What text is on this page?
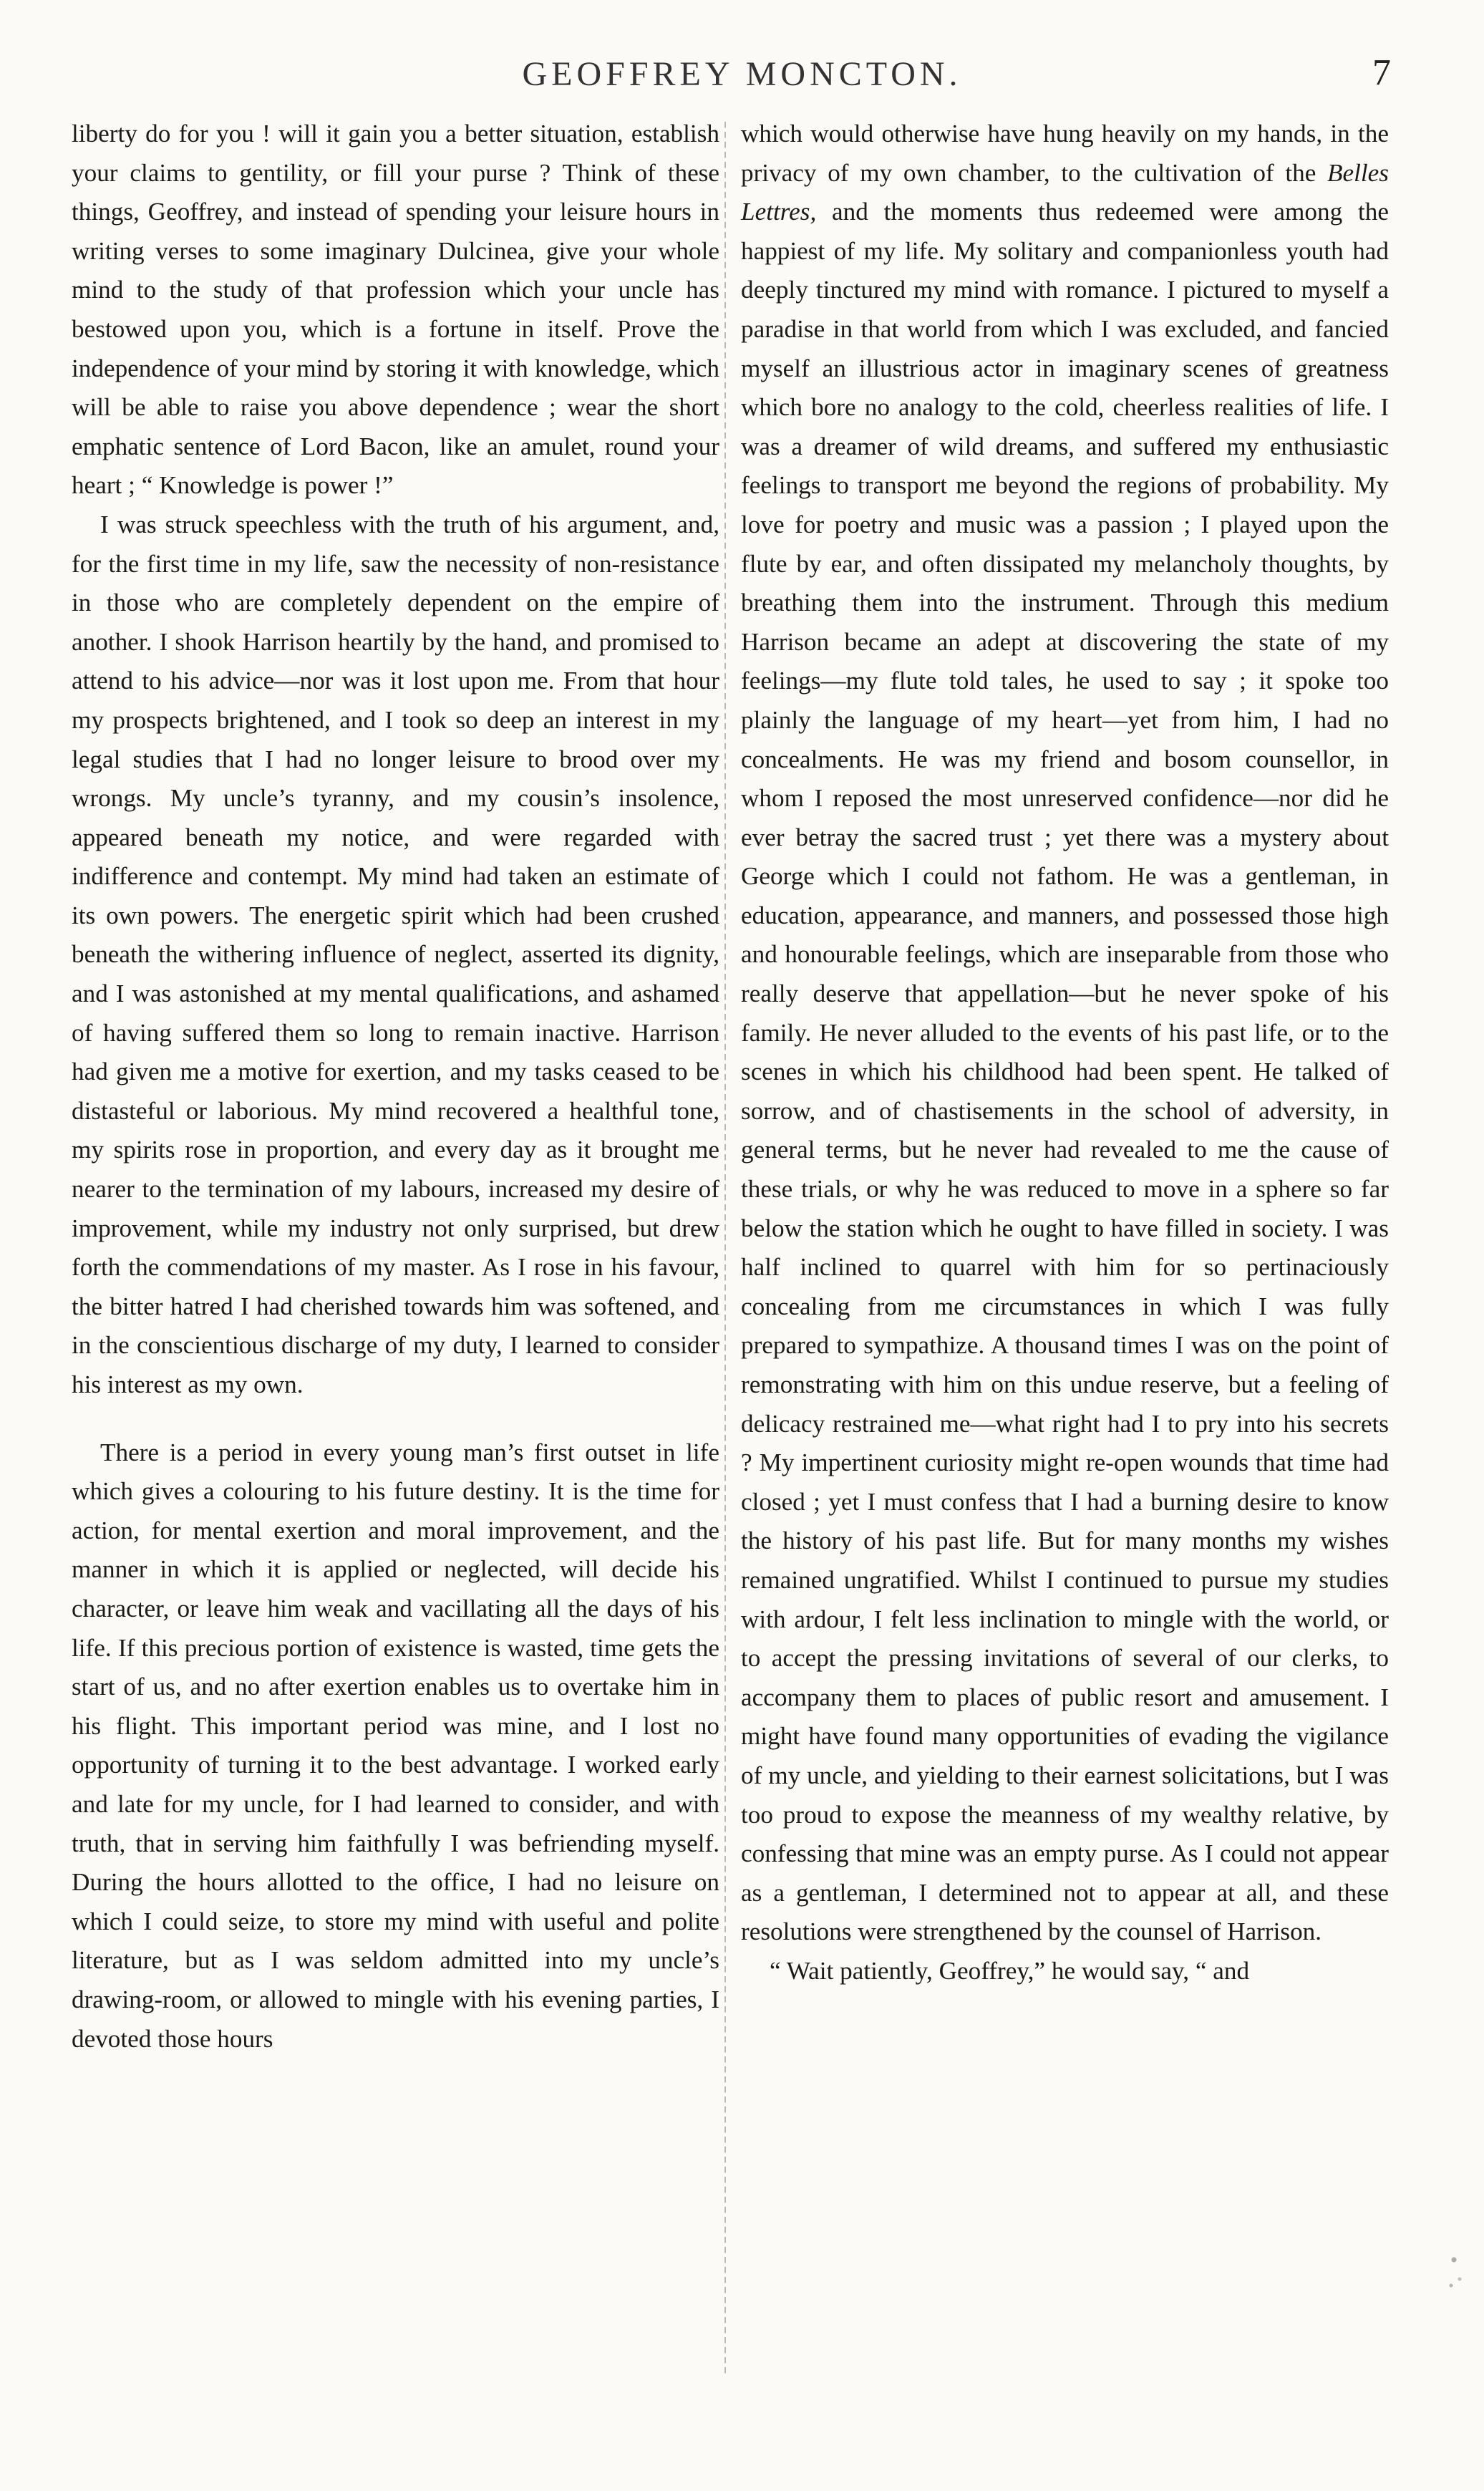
GEOFFREY MONCTON.	7

liberty do for you ! will it gain you a better situation, establish your claims to gentility, or fill your purse ? Think of these things, Geoffrey, and instead of spending your leisure hours in writing verses to some imaginary Dulcinea, give your whole mind to the study of that profession which your uncle has bestowed upon you, which is a fortune in itself. Prove the independence of your mind by storing it with knowledge, which will be able to raise you above dependence ; wear the short emphatic sentence of Lord Bacon, like an amulet, round your heart ; “ Knowledge is power !”

I was struck speechless with the truth of his argument, and, for the first time in my life, saw the necessity of non-resistance in those who are completely dependent on the empire of another. I shook Harrison heartily by the hand, and promised to attend to his advice—nor was it lost upon me. From that hour my prospects brightened, and I took so deep an interest in my legal studies that I had no longer leisure to brood over my wrongs. My uncle’s tyranny, and my cousin’s insolence, appeared beneath my notice, and were regarded with indifference and contempt. My mind had taken an estimate of its own powers. The energetic spirit which had been crushed beneath the withering influence of neglect, asserted its dignity, and I was astonished at my mental qualifications, and ashamed of having suffered them so long to remain inactive. Harrison had given me a motive for exertion, and my tasks ceased to be distasteful or laborious. My mind recovered a healthful tone, my spirits rose in proportion, and every day as it brought me nearer to the termination of my labours, increased my desire of improvement, while my industry not only surprised, but drew forth the commendations of my master. As I rose in his favour, the bitter hatred I had cherished towards him was softened, and in the conscientious discharge of my duty, I learned to consider his interest as my own.

There is a period in every young man’s first outset in life which gives a colouring to his future destiny. It is the time for action, for mental exertion and moral improvement, and the manner in which it is applied or neglected, will decide his character, or leave him weak and vacillating all the days of his life. If this precious portion of existence is wasted, time gets the start of us, and no after exertion enables us to overtake him in his flight. This important period was mine, and I lost no opportunity of turning it to the best advantage. I worked early and late for my uncle, for I had learned to consider, and with truth, that in serving him faithfully I was befriending myself. During the hours allotted to the office, I had no leisure on which I could seize, to store my mind with useful and polite literature, but as I was seldom admitted into my uncle’s drawing-room, or allowed to mingle with his evening parties, I devoted those hours

which would otherwise have hung heavily on my hands, in the privacy of my own chamber, to the cultivation of the Belles Lettres, and the moments thus redeemed were among the happiest of my life. My solitary and companionless youth had deeply tinctured my mind with romance. I pictured to myself a paradise in that world from which I was excluded, and fancied myself an illustrious actor in imaginary scenes of greatness which bore no analogy to the cold, cheerless realities of life. I was a dreamer of wild dreams, and suffered my enthusiastic feelings to transport me beyond the regions of probability. My love for poetry and music was a passion ; I played upon the flute by ear, and often dissipated my melancholy thoughts, by breathing them into the instrument. Through this medium Harrison became an adept at discovering the state of my feelings—my flute told tales, he used to say ; it spoke too plainly the language of my heart—yet from him, I had no concealments. He was my friend and bosom counsellor, in whom I reposed the most unreserved confidence—nor did he ever betray the sacred trust ; yet there was a mystery about George which I could not fathom. He was a gentleman, in education, appearance, and manners, and possessed those high and honourable feelings, which are inseparable from those who really deserve that appellation—but he never spoke of his family. He never alluded to the events of his past life, or to the scenes in which his childhood had been spent. He talked of sorrow, and of chastisements in the school of adversity, in general terms, but he never had revealed to me the cause of these trials, or why he was reduced to move in a sphere so far below the station which he ought to have filled in society. I was half inclined to quarrel with him for so pertinaciously concealing from me circumstances in which I was fully prepared to sympathize. A thousand times I was on the point of remonstrating with him on this undue reserve, but a feeling of delicacy restrained me—what right had I to pry into his secrets ? My impertinent curiosity might re-open wounds that time had closed ; yet I must confess that I had a burning desire to know the history of his past life. But for many months my wishes remained ungratified. Whilst I continued to pursue my studies with ardour, I felt less inclination to mingle with the world, or to accept the pressing invitations of several of our clerks, to accompany them to places of public resort and amusement. I might have found many opportunities of evading the vigilance of my uncle, and yielding to their earnest solicitations, but I was too proud to expose the meanness of my wealthy relative, by confessing that mine was an empty purse. As I could not appear as a gentleman, I determined not to appear at all, and these resolutions were strengthened by the counsel of Harrison.

“ Wait patiently, Geoffrey,” he would say, “ and
